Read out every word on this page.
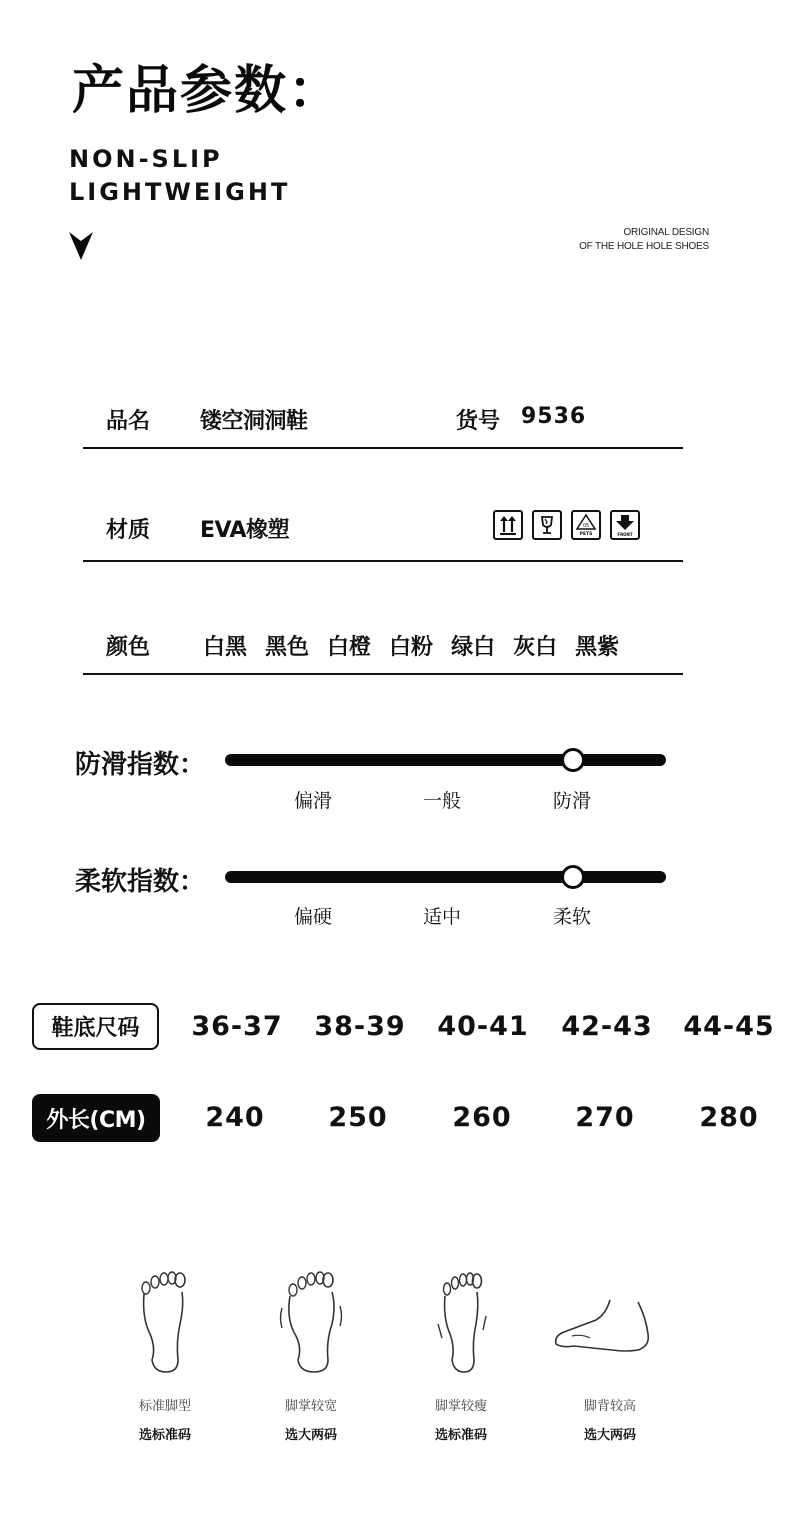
产品参数：
NON-SLIP
LIGHTWEIGHT
ORIGINAL DESIGN
OF THE HOLE HOLE SHOES
品名 镂空洞洞鞋	货号 9536
材质 EVA橡塑	05
PETS	FRONT
颜色 白黑 黑色 白橙 白粉 绿白 灰白 黑紫
防滑指数：
偏滑	一般	防滑
柔软指数：
偏硬	适中	柔软
鞋底尺码
外长(CM)
36-37	38-39	40-41	42-43	44-45
240	250	260	270	280
标准脚型
选标准码
脚掌较宽
选大两码
脚掌较瘦
选标准码
脚背较高
选大两码
